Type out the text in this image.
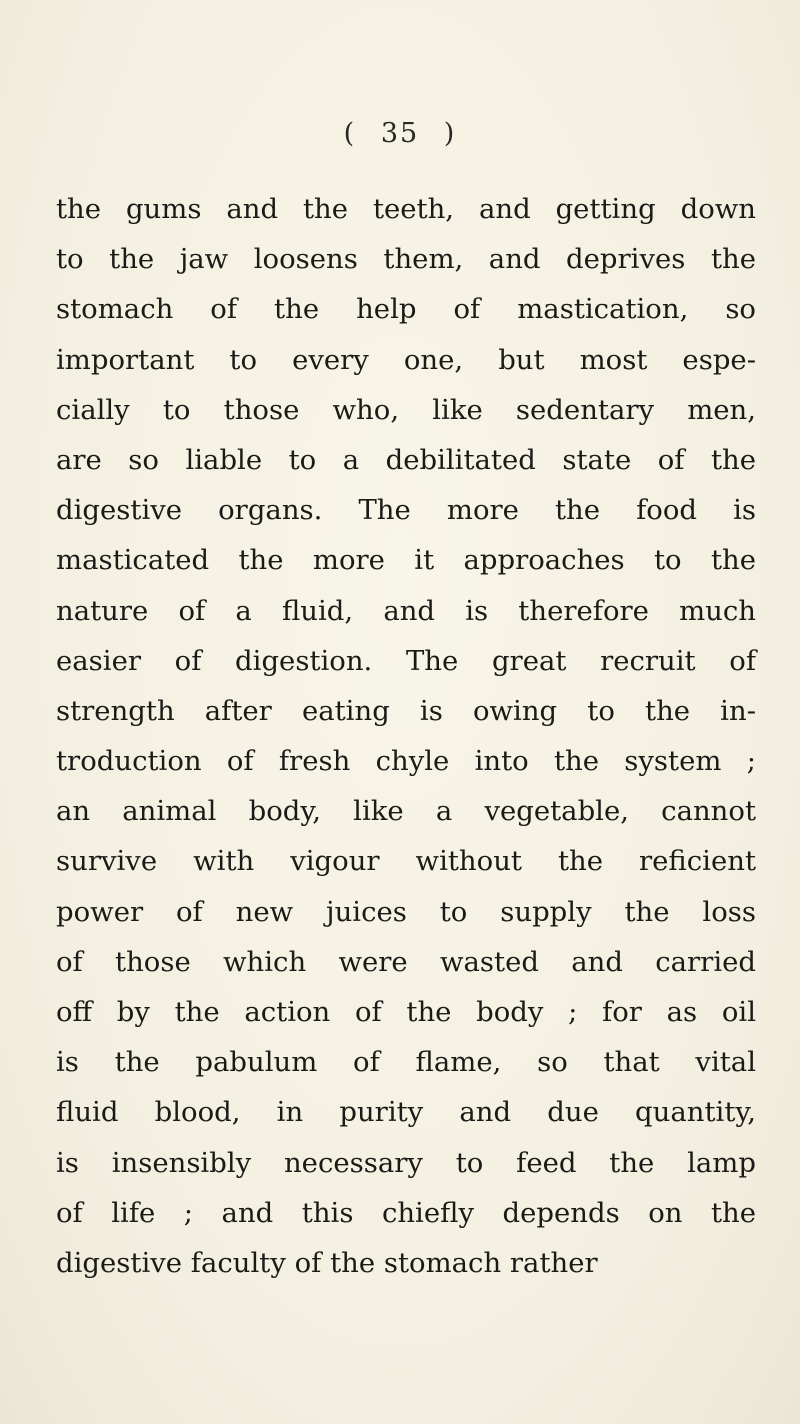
( 35 )
the gums and the teeth, and getting down
to the jaw loosens them, and deprives the
stomach of the help of mastication, so
important to every one, but most espe-
cially to those who, like sedentary men,
are so liable to a debilitated state of the
digestive organs. The more the food is
masticated the more it approaches to the
nature of a fluid, and is therefore much
easier of digestion. The great recruit of
strength after eating is owing to the in-
troduction of fresh chyle into the system ;
an animal body, like a vegetable, cannot
survive with vigour without the reficient
power of new juices to supply the loss
of those which were wasted and carried
off by the action of the body ; for as oil
is the pabulum of flame, so that vital
fluid blood, in purity and due quantity,
is insensibly necessary to feed the lamp
of life ; and this chiefly depends on the
digestive faculty of the stomach rather
